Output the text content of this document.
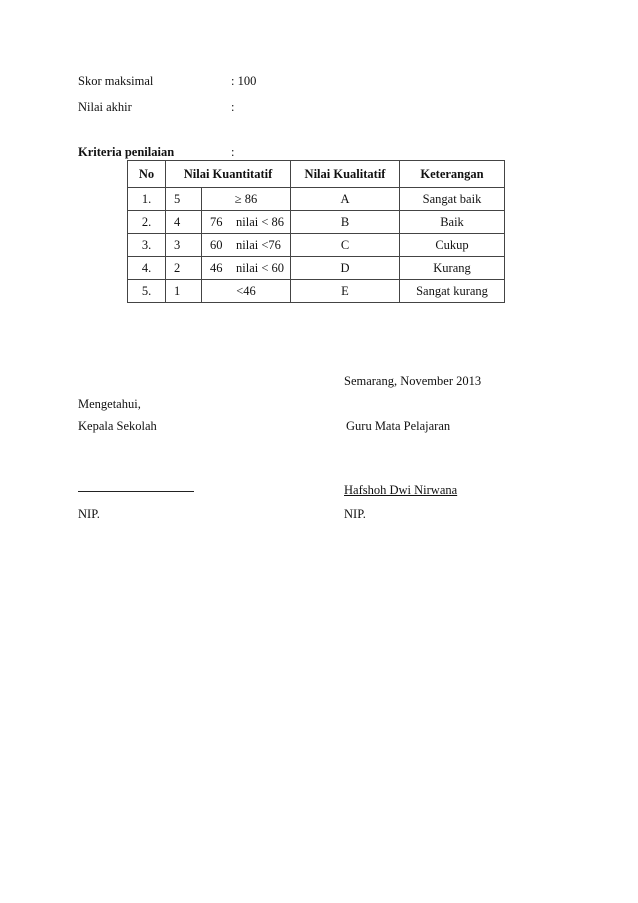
Skor maksimal	: 100
Nilai akhir	:
Kriteria penilaian	:
No	Nilai Kuantitatif		Nilai Kualitatif	Keterangan
1.	5	≥ 86	A	Sangat baik
2.	4	76 nilai < 86	B	Baik
3.	3	60 nilai <76	C	Cukup
4.	2	46 nilai < 60	D	Kurang
5.	1	<46	E	Sangat kurang
Semarang, November 2013
Mengetahui,
Kepala Sekolah	Guru Mata Pelajaran
Hafshoh Dwi Nirwana
NIP.	NIP.
